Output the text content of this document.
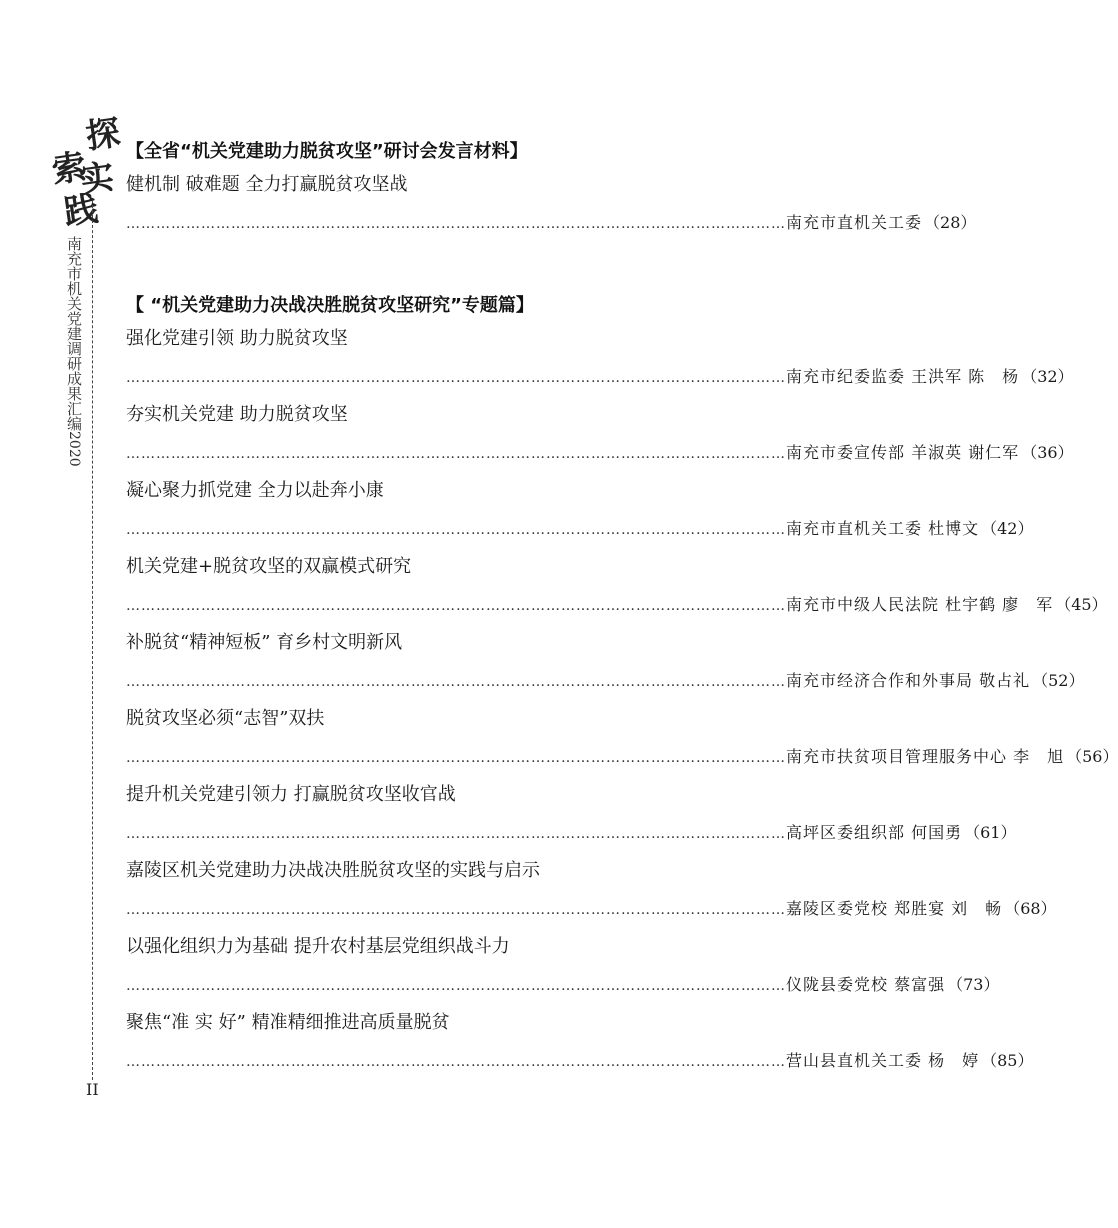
探
索
实
践
南充市机关党建调研成果汇编2020
II
【全省“机关党建助力脱贫攻坚”研讨会发言材料】
健机制 破难题 全力打赢脱贫攻坚战
…………………………………………………………………………………………………………………… 南充市直机关工委 （28）
【 “机关党建助力决战决胜脱贫攻坚研究”专题篇】
强化党建引领 助力脱贫攻坚
…………………………………………………………………………………………………………………… 南充市纪委监委 王洪军 陈　杨 （32）
夯实机关党建 助力脱贫攻坚
…………………………………………………………………………………………………………………… 南充市委宣传部 羊淑英 谢仁军 （36）
凝心聚力抓党建 全力以赴奔小康
…………………………………………………………………………………………………………………… 南充市直机关工委 杜博文 （42）
机关党建+脱贫攻坚的双赢模式研究
…………………………………………………………………………………………………………………… 南充市中级人民法院 杜宇鹤 廖　军 （45）
补脱贫“精神短板” 育乡村文明新风
…………………………………………………………………………………………………………………… 南充市经济合作和外事局 敬占礼 （52）
脱贫攻坚必须“志智”双扶
…………………………………………………………………………………………………………………… 南充市扶贫项目管理服务中心 李　旭 （56）
提升机关党建引领力 打赢脱贫攻坚收官战
…………………………………………………………………………………………………………………… 高坪区委组织部 何国勇 （61）
嘉陵区机关党建助力决战决胜脱贫攻坚的实践与启示
…………………………………………………………………………………………………………………… 嘉陵区委党校 郑胜宴 刘　畅 （68）
以强化组织力为基础 提升农村基层党组织战斗力
…………………………………………………………………………………………………………………… 仪陇县委党校 蔡富强 （73）
聚焦“准 实 好” 精准精细推进高质量脱贫
…………………………………………………………………………………………………………………… 营山县直机关工委 杨　婷 （85）
